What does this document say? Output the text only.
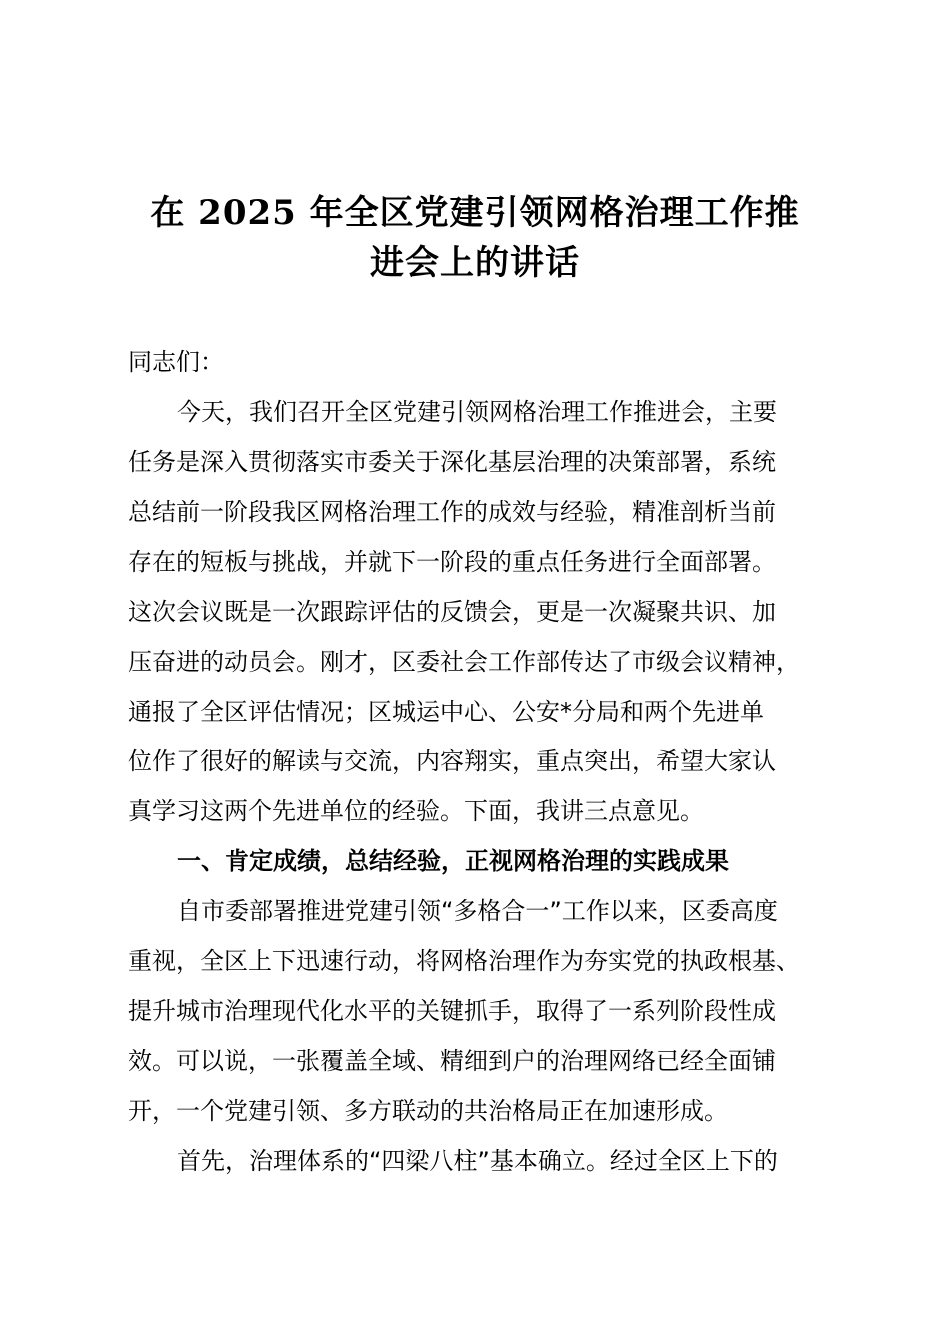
在 2025 年全区党建引领网格治理工作推
进会上的讲话
同志们：
今天，我们召开全区党建引领网格治理工作推进会，主要
任务是深入贯彻落实市委关于深化基层治理的决策部署，系统
总结前一阶段我区网格治理工作的成效与经验，精准剖析当前
存在的短板与挑战，并就下一阶段的重点任务进行全面部署。
这次会议既是一次跟踪评估的反馈会，更是一次凝聚共识、加
压奋进的动员会。刚才，区委社会工作部传达了市级会议精神，
通报了全区评估情况；区城运中心、公安*分局和两个先进单
位作了很好的解读与交流，内容翔实，重点突出，希望大家认
真学习这两个先进单位的经验。下面，我讲三点意见。
一、肯定成绩，总结经验，正视网格治理的实践成果
自市委部署推进党建引领“多格合一”工作以来，区委高度
重视，全区上下迅速行动，将网格治理作为夯实党的执政根基、
提升城市治理现代化水平的关键抓手，取得了一系列阶段性成
效。可以说，一张覆盖全域、精细到户的治理网络已经全面铺
开，一个党建引领、多方联动的共治格局正在加速形成。
首先，治理体系的“四梁八柱”基本确立。经过全区上下的
